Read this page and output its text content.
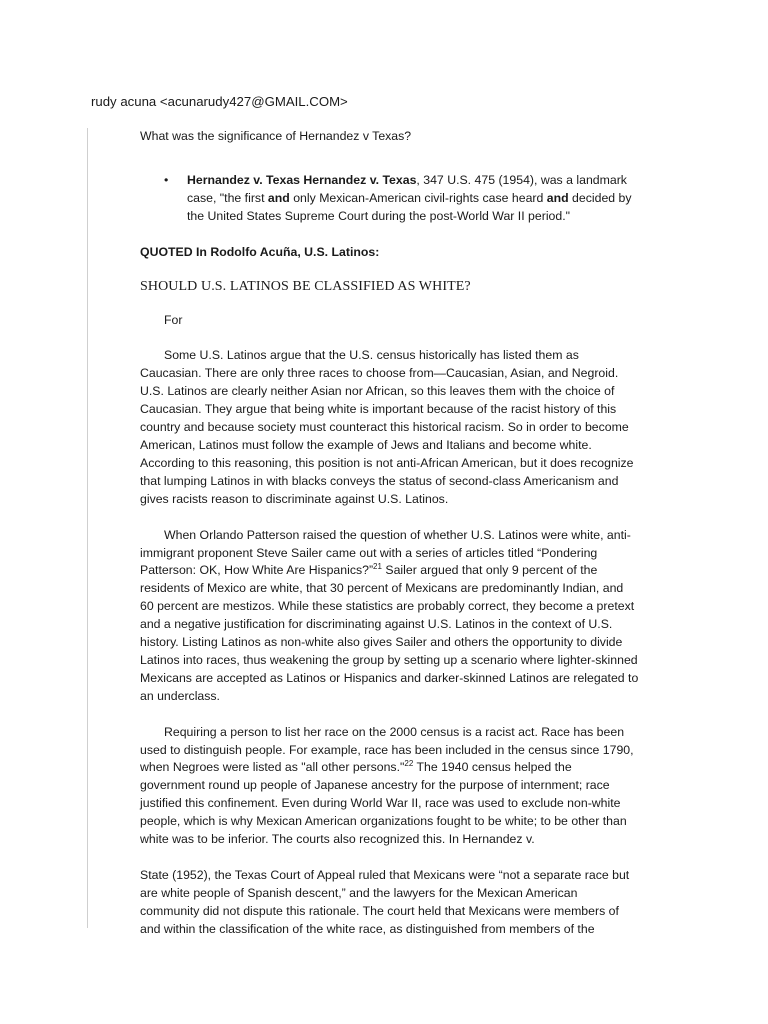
rudy acuna <acunarudy427@GMAIL.COM>

What was the significance of Hernandez v Texas?

• Hernandez v. Texas Hernandez v. Texas, 347 U.S. 475 (1954), was a landmark case, "the first and only Mexican-American civil-rights case heard and decided by the United States Supreme Court during the post-World War II period."

QUOTED In Rodolfo Acuña, U.S. Latinos:

SHOULD U.S. LATINOS BE CLASSIFIED AS WHITE?

For

Some U.S. Latinos argue that the U.S. census historically has listed them as Caucasian. There are only three races to choose from—Caucasian, Asian, and Negroid. U.S. Latinos are clearly neither Asian nor African, so this leaves them with the choice of Caucasian. They argue that being white is important because of the racist history of this country and because society must counteract this historical racism. So in order to become American, Latinos must follow the example of Jews and Italians and become white. According to this reasoning, this position is not anti-African American, but it does recognize that lumping Latinos in with blacks conveys the status of second-class Americanism and gives racists reason to discriminate against U.S. Latinos.

When Orlando Patterson raised the question of whether U.S. Latinos were white, anti-immigrant proponent Steve Sailer came out with a series of articles titled “Pondering Patterson: OK, How White Are Hispanics?”$^{21}$ Sailer argued that only 9 percent of the residents of Mexico are white, that 30 percent of Mexicans are predominantly Indian, and 60 percent are mestizos. While these statistics are probably correct, they become a pretext and a negative justification for discriminating against U.S. Latinos in the context of U.S. history. Listing Latinos as non-white also gives Sailer and others the opportunity to divide Latinos into races, thus weakening the group by setting up a scenario where lighter-skinned Mexicans are accepted as Latinos or Hispanics and darker-skinned Latinos are relegated to an underclass.

Requiring a person to list her race on the 2000 census is a racist act. Race has been used to distinguish people. For example, race has been included in the census since 1790, when Negroes were listed as "all other persons."$^{22}$ The 1940 census helped the government round up people of Japanese ancestry for the purpose of internment; race justified this confinement. Even during World War II, race was used to exclude non-white people, which is why Mexican American organizations fought to be white; to be other than white was to be inferior. The courts also recognized this. In Hernandez v.

State (1952), the Texas Court of Appeal ruled that Mexicans were “not a separate race but are white people of Spanish descent,” and the lawyers for the Mexican American community did not dispute this rationale. The court held that Mexicans were members of and within the classification of the white race, as distinguished from members of the
